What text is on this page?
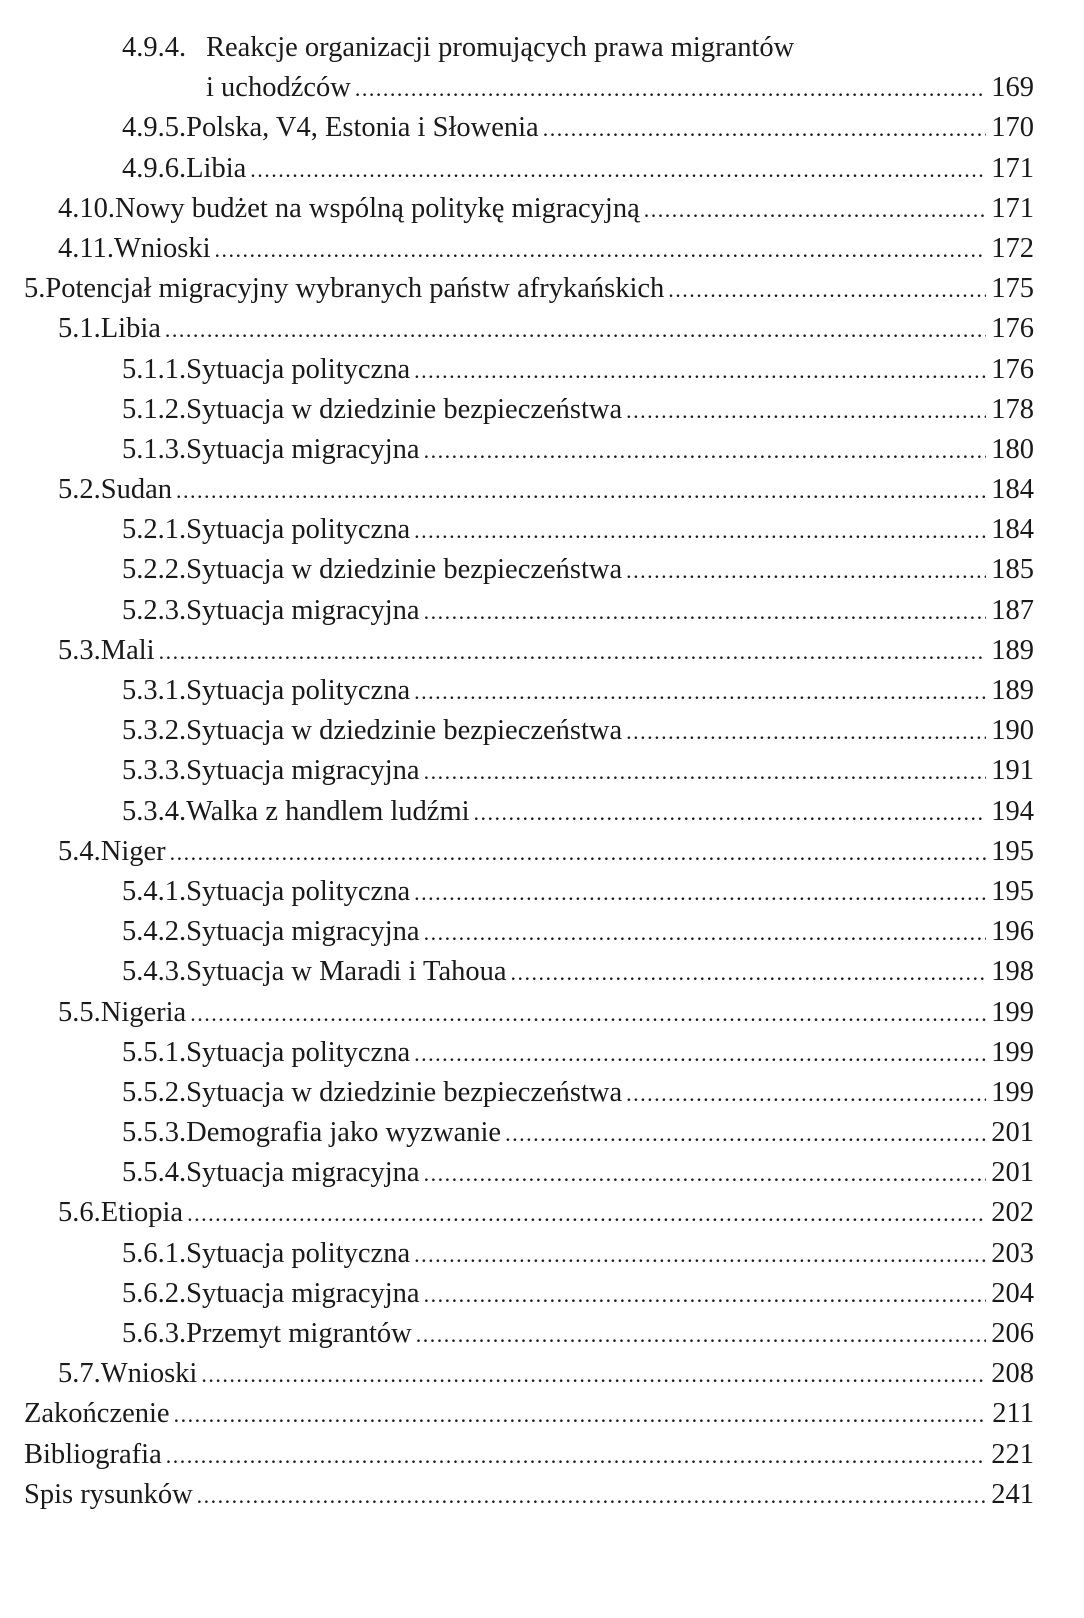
4.9.4. Reakcje organizacji promujących prawa migrantów
i uchodźców .....	169
4.9.5. Polska, V4, Estonia i Słowenia .....	170
4.9.6. Libia .....	171
4.10. Nowy budżet na wspólną politykę migracyjną .....	171
4.11. Wnioski .....	172
5. Potencjał migracyjny wybranych państw afrykańskich .....	175
5.1. Libia .....	176
5.1.1. Sytuacja polityczna .....	176
5.1.2. Sytuacja w dziedzinie bezpieczeństwa .....	178
5.1.3. Sytuacja migracyjna .....	180
5.2. Sudan .....	184
5.2.1. Sytuacja polityczna .....	184
5.2.2. Sytuacja w dziedzinie bezpieczeństwa .....	185
5.2.3. Sytuacja migracyjna .....	187
5.3. Mali .....	189
5.3.1. Sytuacja polityczna .....	189
5.3.2. Sytuacja w dziedzinie bezpieczeństwa .....	190
5.3.3. Sytuacja migracyjna .....	191
5.3.4. Walka z handlem ludźmi .....	194
5.4. Niger .....	195
5.4.1. Sytuacja polityczna .....	195
5.4.2. Sytuacja migracyjna .....	196
5.4.3. Sytuacja w Maradi i Tahoua .....	198
5.5. Nigeria .....	199
5.5.1. Sytuacja polityczna .....	199
5.5.2. Sytuacja w dziedzinie bezpieczeństwa .....	199
5.5.3. Demografia jako wyzwanie .....	201
5.5.4. Sytuacja migracyjna .....	201
5.6. Etiopia .....	202
5.6.1. Sytuacja polityczna .....	203
5.6.2. Sytuacja migracyjna .....	204
5.6.3. Przemyt migrantów .....	206
5.7. Wnioski .....	208
Zakończenie .....	211
Bibliografia .....	221
Spis rysunków .....	241
